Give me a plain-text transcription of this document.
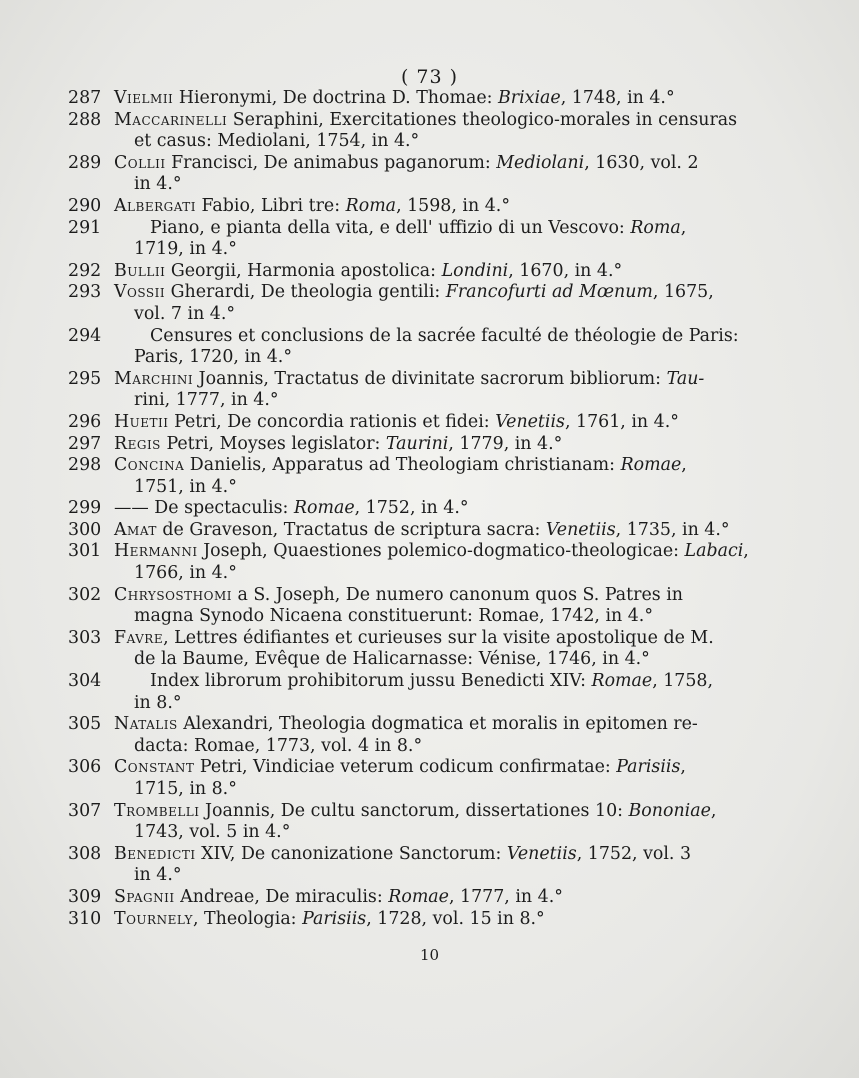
( 73 )
287 Vielmii Hieronymi, De doctrina D. Thomae: Brixiae, 1748, in 4.°
288 Maccarinelli Seraphini, Exercitationes theologico-morales in censuras
et casus: Mediolani, 1754, in 4.°
289 Collii Francisci, De animabus paganorum: Mediolani, 1630, vol. 2
in 4.°
290 Albergati Fabio, Libri tre: Roma, 1598, in 4.°
291	Piano, e pianta della vita, e dell' uffizio di un Vescovo: Roma,
1719, in 4.°
292 Bullii Georgii, Harmonia apostolica: Londini, 1670, in 4.°
293 Vossii Gherardi, De theologia gentili: Francofurti ad Mœnum, 1675,
vol. 7 in 4.°
294	Censures et conclusions de la sacrée faculté de théologie de Paris:
Paris, 1720, in 4.°
295 Marchini Joannis, Tractatus de divinitate sacrorum bibliorum: Tau-
rini, 1777, in 4.°
296 Huetii Petri, De concordia rationis et fidei: Venetiis, 1761, in 4.°
297 Regis Petri, Moyses legislator: Taurini, 1779, in 4.°
298 Concina Danielis, Apparatus ad Theologiam christianam: Romae,
1751, in 4.°
299 —— De spectaculis: Romae, 1752, in 4.°
300 Amat de Graveson, Tractatus de scriptura sacra: Venetiis, 1735, in 4.°
301 Hermanni Joseph, Quaestiones polemico-dogmatico-theologicae: Labaci,
1766, in 4.°
302 Chrysosthomi a S. Joseph, De numero canonum quos S. Patres in
magna Synodo Nicaena constituerunt: Romae, 1742, in 4.°
303 Favre, Lettres édifiantes et curieuses sur la visite apostolique de M.
de la Baume, Evêque de Halicarnasse: Vénise, 1746, in 4.°
304	Index librorum prohibitorum jussu Benedicti XIV: Romae, 1758,
in 8.°
305 Natalis Alexandri, Theologia dogmatica et moralis in epitomen re-
dacta: Romae, 1773, vol. 4 in 8.°
306 Constant Petri, Vindiciae veterum codicum confirmatae: Parisiis,
1715, in 8.°
307 Trombelli Joannis, De cultu sanctorum, dissertationes 10: Bononiae,
1743, vol. 5 in 4.°
308 Benedicti XIV, De canonizatione Sanctorum: Venetiis, 1752, vol. 3
in 4.°
309 Spagnii Andreae, De miraculis: Romae, 1777, in 4.°
310 Tournely, Theologia: Parisiis, 1728, vol. 15 in 8.°
10
